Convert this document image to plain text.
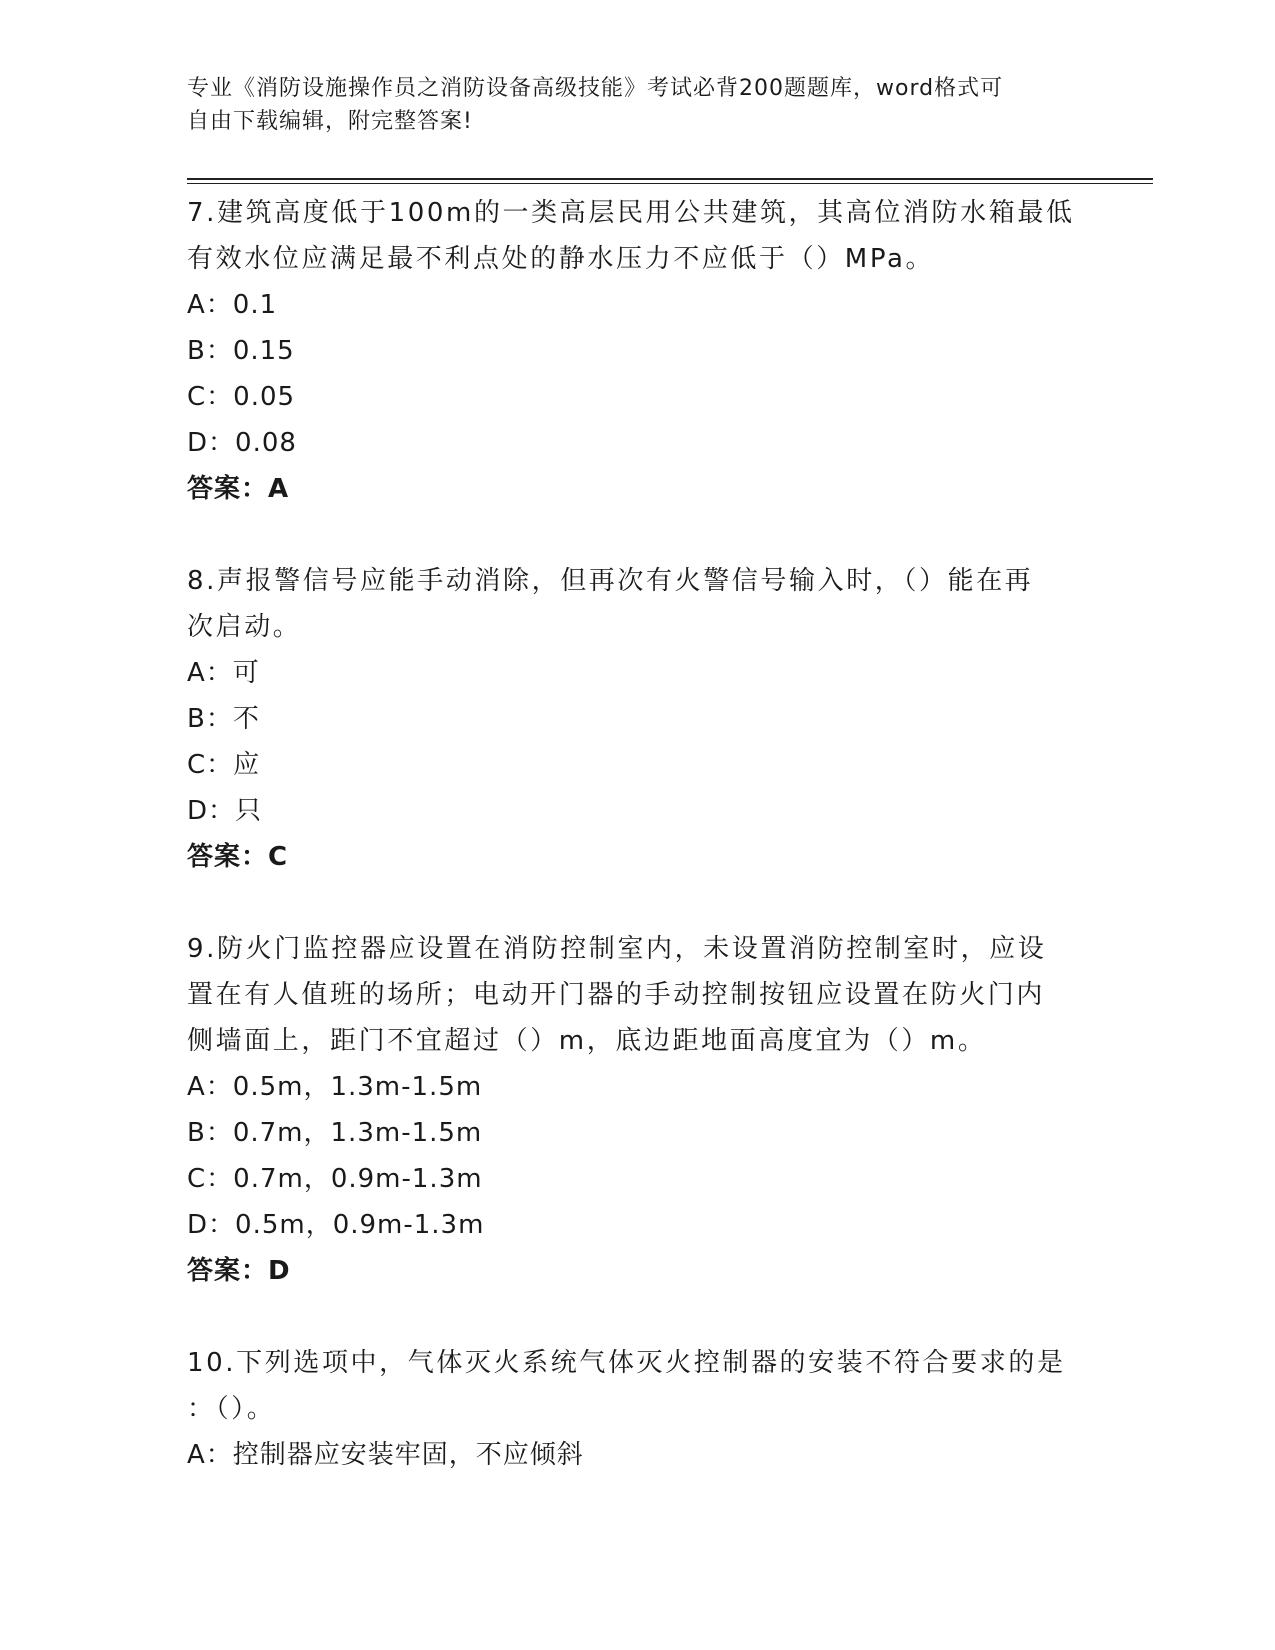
专业《消防设施操作员之消防设备高级技能》考试必背200题题库，word格式可
自由下载编辑，附完整答案!
7.建筑高度低于100m的一类高层民用公共建筑，其高位消防水箱最低
有效水位应满足最不利点处的静水压力不应低于（）MPa。
A：0.1
B：0.15
C：0.05
D：0.08
答案：A
8.声报警信号应能手动消除，但再次有火警信号输入时，（）能在再
次启动。
A：可
B：不
C：应
D：只
答案：C
9.防火门监控器应设置在消防控制室内，未设置消防控制室时，应设
置在有人值班的场所；电动开门器的手动控制按钮应设置在防火门内
侧墙面上，距门不宜超过（）m，底边距地面高度宜为（）m。
A：0.5m，1.3m-1.5m
B：0.7m，1.3m-1.5m
C：0.7m，0.9m-1.3m
D：0.5m，0.9m-1.3m
答案：D
10.下列选项中，气体灭火系统气体灭火控制器的安装不符合要求的是
：（）。
A：控制器应安装牢固，不应倾斜
